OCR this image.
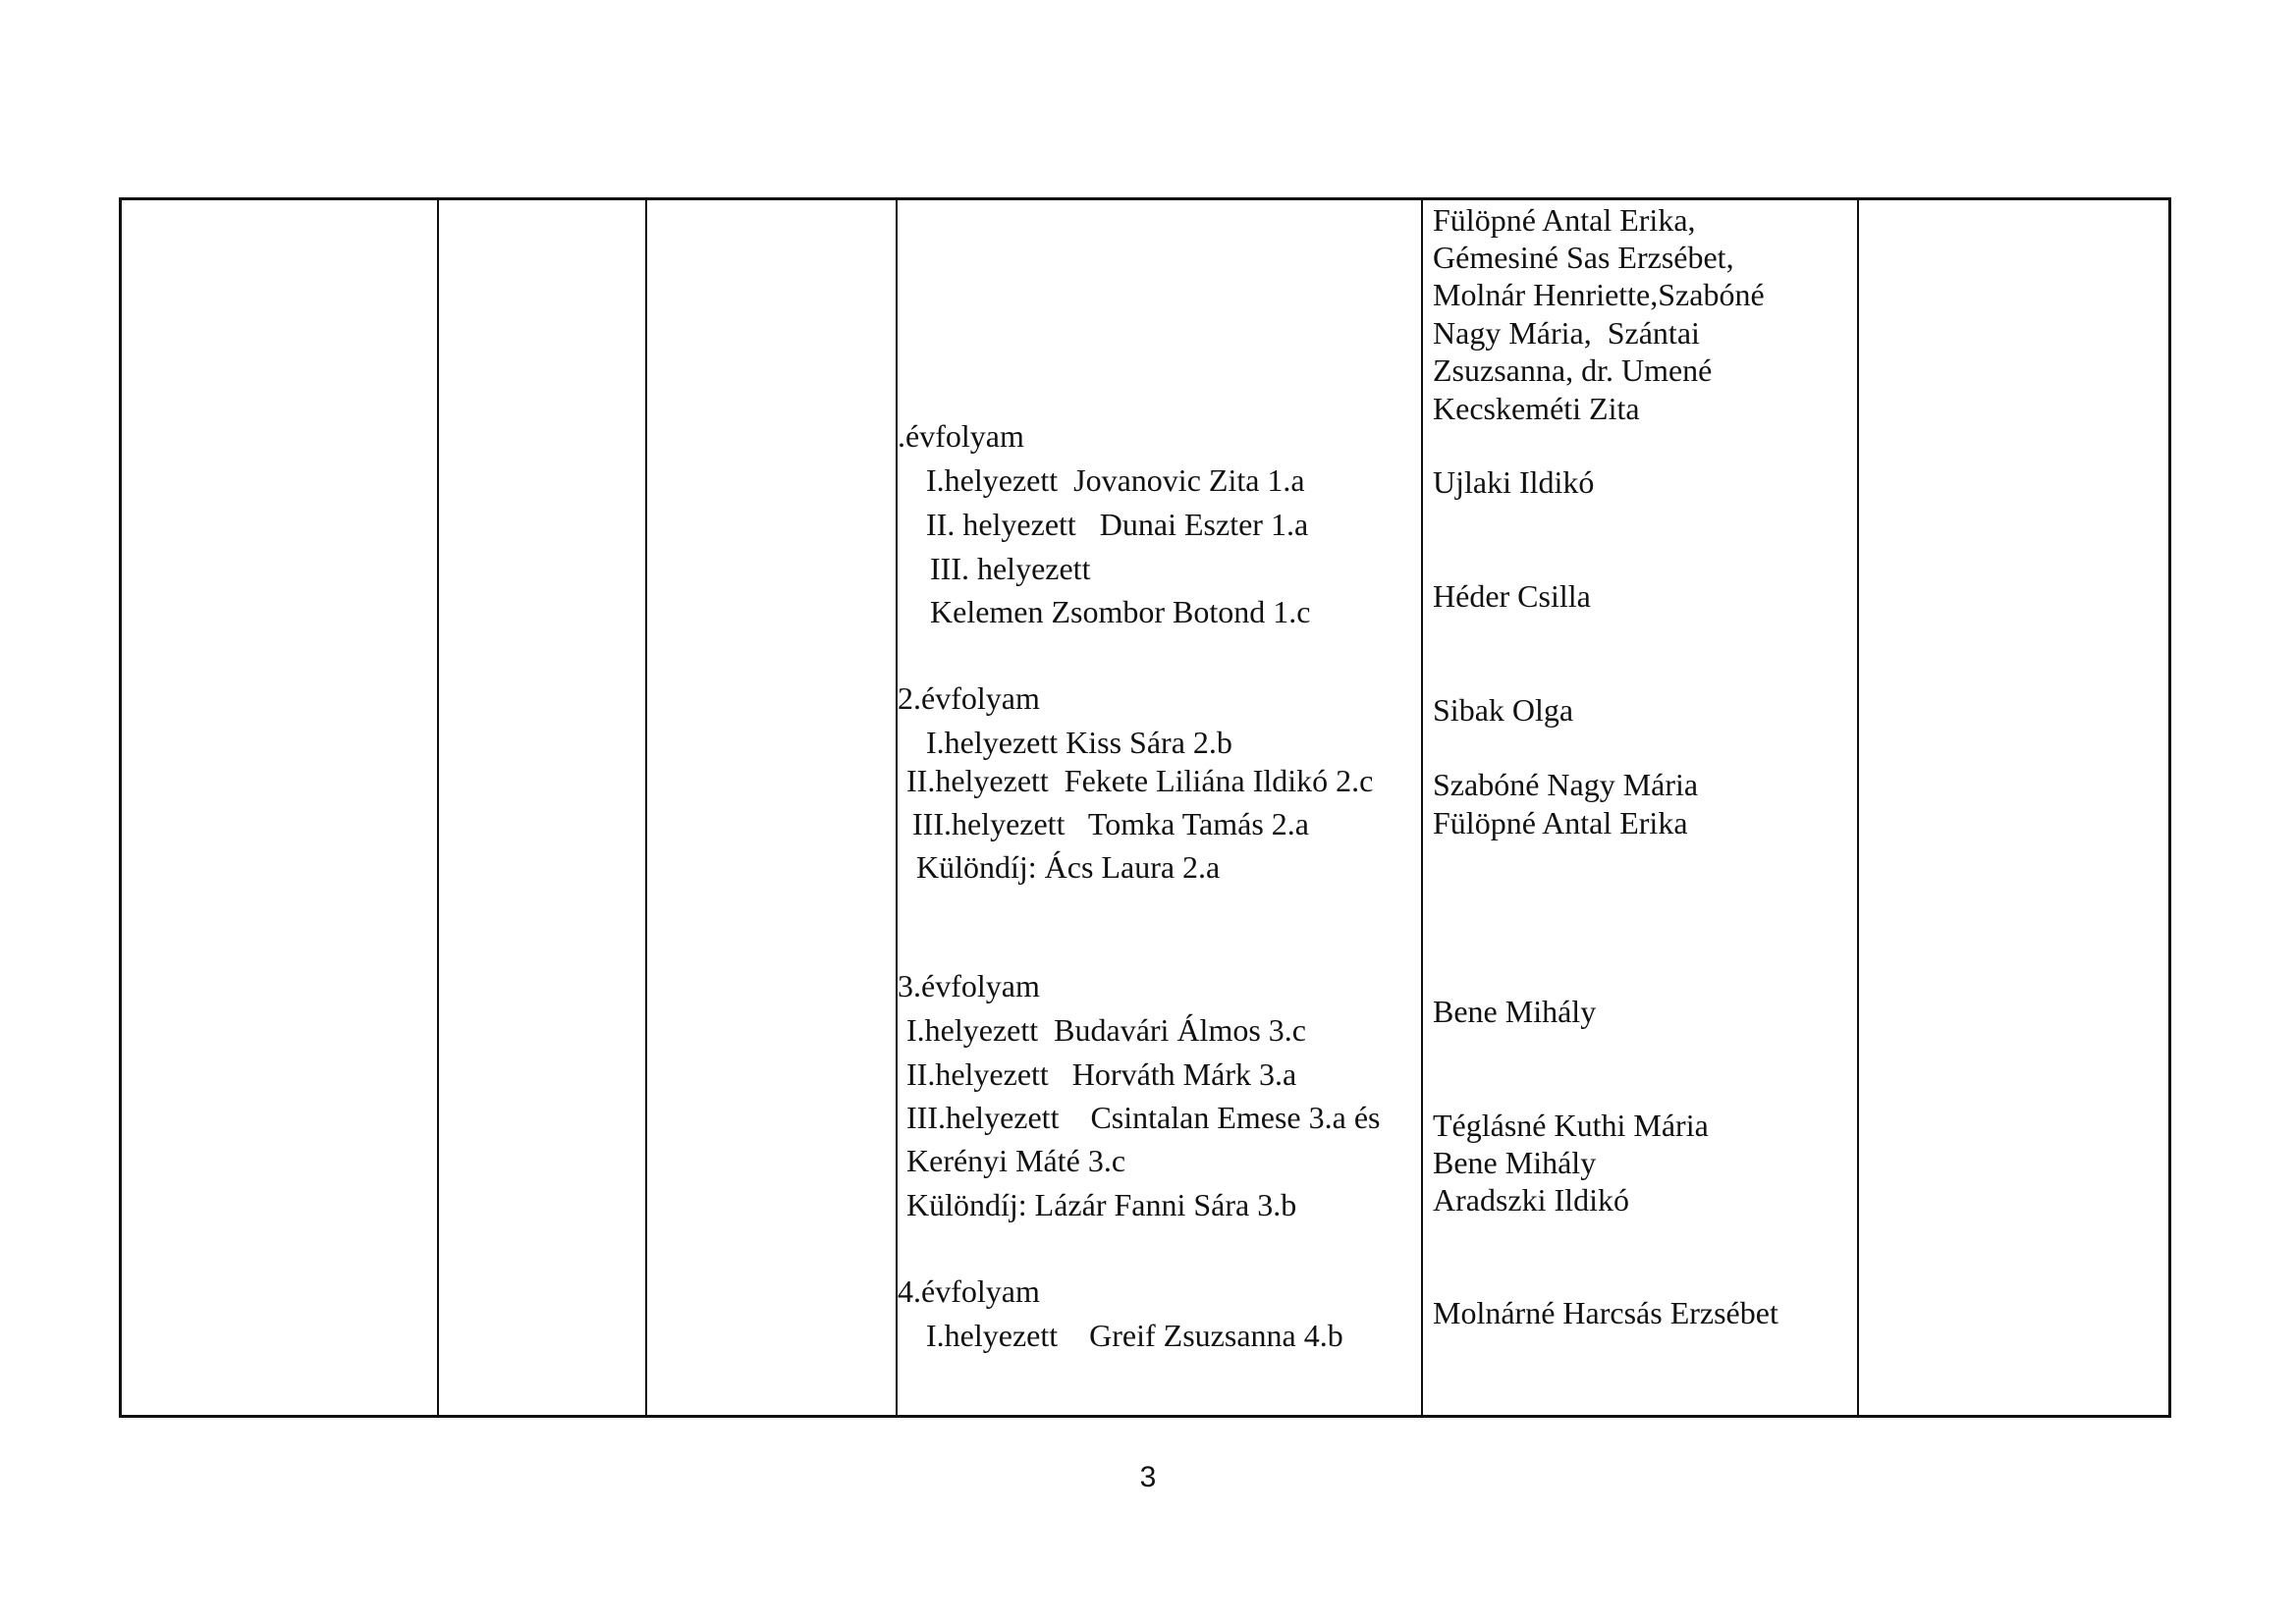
.évfolyam
I.helyezett  Jovanovic Zita 1.a
II. helyezett   Dunai Eszter 1.a
III. helyezett
Kelemen Zsombor Botond 1.c
2.évfolyam
I.helyezett Kiss Sára 2.b
II.helyezett  Fekete Liliána Ildikó 2.c
III.helyezett   Tomka Tamás 2.a
Különdíj: Ács Laura 2.a
3.évfolyam
I.helyezett  Budavári Álmos 3.c
II.helyezett   Horváth Márk 3.a
III.helyezett    Csintalan Emese 3.a és
Kerényi Máté 3.c
Különdíj: Lázár Fanni Sára 3.b
4.évfolyam
I.helyezett    Greif Zsuzsanna 4.b
Fülöpné Antal Erika,
Gémesiné Sas Erzsébet,
Molnár Henriette,Szabóné
Nagy Mária,  Szántai
Zsuzsanna, dr. Umené
Kecskeméti Zita
Ujlaki Ildikó
Héder Csilla
Sibak Olga
Szabóné Nagy Mária
Fülöpné Antal Erika
Bene Mihály
Téglásné Kuthi Mária
Bene Mihály
Aradszki Ildikó
Molnárné Harcsás Erzsébet
3
